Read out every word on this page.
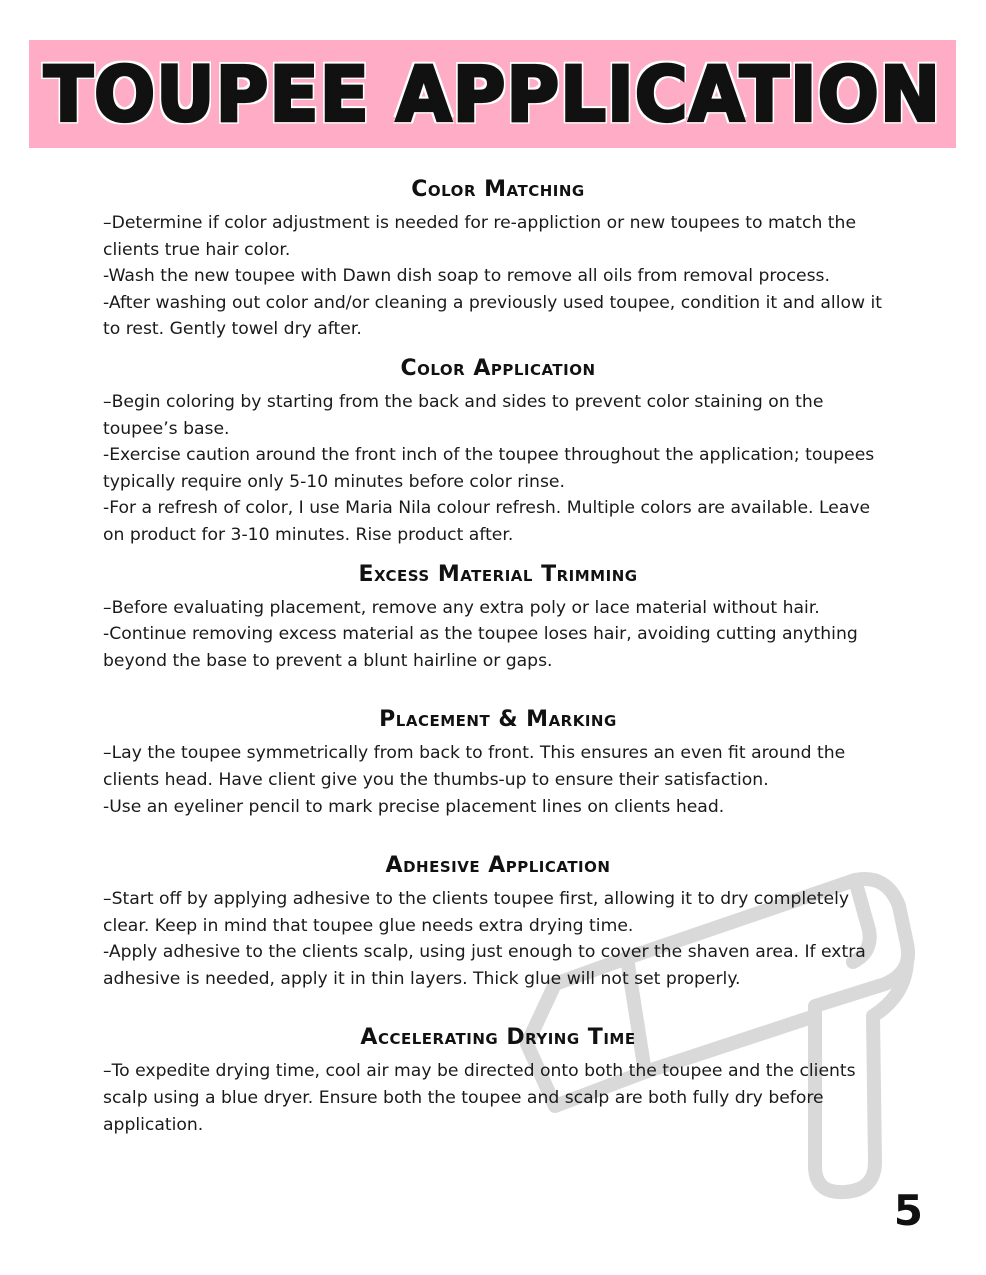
TOUPEE APPLICATION
Color Matching

–Determine if color adjustment is needed for re-appliction or new toupees to match the clients true hair color.

-Wash the new toupee with Dawn dish soap to remove all oils from removal process.

-After washing out color and/or cleaning a previously used toupee, condition it and allow it to rest. Gently towel dry after.

Color Application

–Begin coloring by starting from the back and sides to prevent color staining on the toupee’s base.

-Exercise caution around the front inch of the toupee throughout the application; toupees typically require only 5-10 minutes before color rinse.

-For a refresh of color, I use Maria Nila colour refresh. Multiple colors are available. Leave on product for 3-10 minutes. Rise product after.

Excess Material Trimming

–Before evaluating placement, remove any extra poly or lace material without hair.

-Continue removing excess material as the toupee loses hair, avoiding cutting anything beyond the base to prevent a blunt hairline or gaps.

Placement & Marking

–Lay the toupee symmetrically from back to front. This ensures an even fit around the clients head. Have client give you the thumbs-up to ensure their satisfaction.

-Use an eyeliner pencil to mark precise placement lines on clients head.

Adhesive Application

–Start off by applying adhesive to the clients toupee first, allowing it to dry completely clear. Keep in mind that toupee glue needs extra drying time.

-Apply adhesive to the clients scalp, using just enough to cover the shaven area. If extra adhesive is needed, apply it in thin layers. Thick glue will not set properly.

Accelerating Drying Time

–To expedite drying time, cool air may be directed onto both the toupee and the clients scalp using a blue dryer. Ensure both the toupee and scalp are both fully dry before application.

5
